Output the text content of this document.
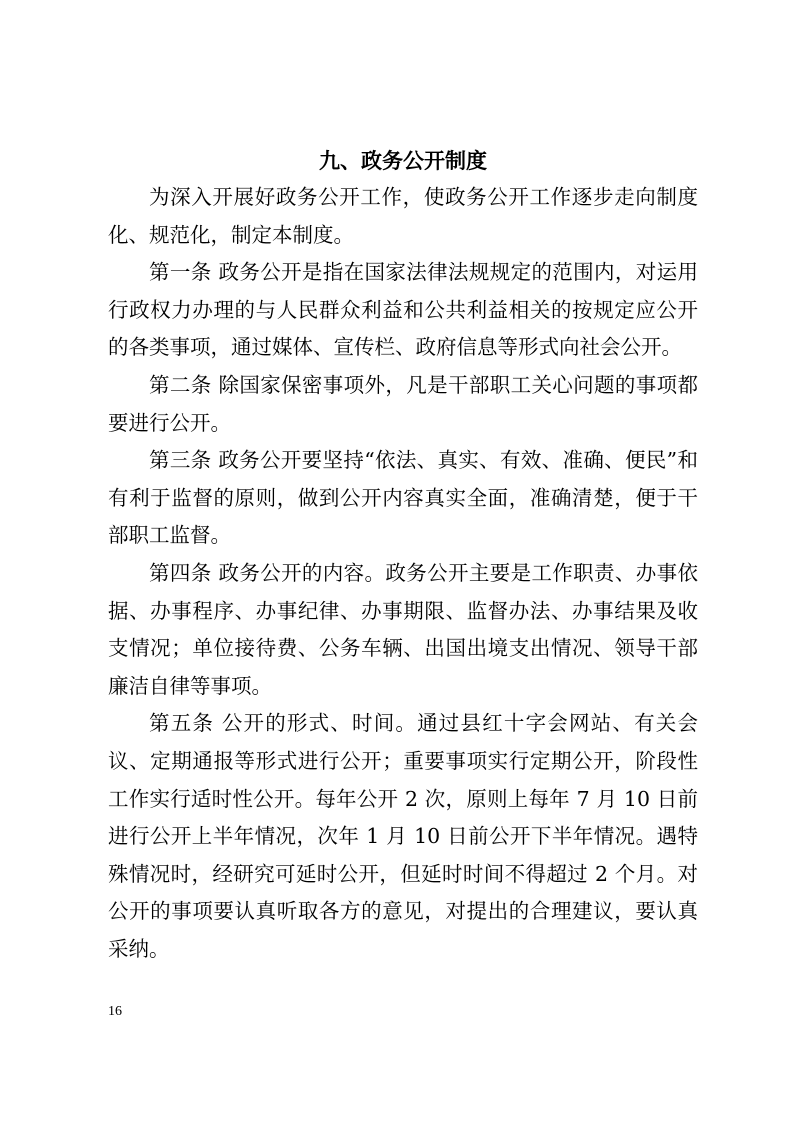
九、政务公开制度

为深入开展好政务公开工作，使政务公开工作逐步走向制度化、规范化，制定本制度。

第一条 政务公开是指在国家法律法规规定的范围内，对运用行政权力办理的与人民群众利益和公共利益相关的按规定应公开的各类事项，通过媒体、宣传栏、政府信息等形式向社会公开。

第二条 除国家保密事项外，凡是干部职工关心问题的事项都要进行公开。

第三条 政务公开要坚持“依法、真实、有效、准确、便民”和有利于监督的原则，做到公开内容真实全面，准确清楚，便于干部职工监督。

第四条 政务公开的内容。政务公开主要是工作职责、办事依据、办事程序、办事纪律、办事期限、监督办法、办事结果及收支情况；单位接待费、公务车辆、出国出境支出情况、领导干部廉洁自律等事项。

第五条 公开的形式、时间。通过县红十字会网站、有关会议、定期通报等形式进行公开；重要事项实行定期公开，阶段性工作实行适时性公开。每年公开 2 次，原则上每年 7 月 10 日前进行公开上半年情况，次年 1 月 10 日前公开下半年情况。遇特殊情况时，经研究可延时公开，但延时时间不得超过 2 个月。对公开的事项要认真听取各方的意见，对提出的合理建议，要认真采纳。

16
